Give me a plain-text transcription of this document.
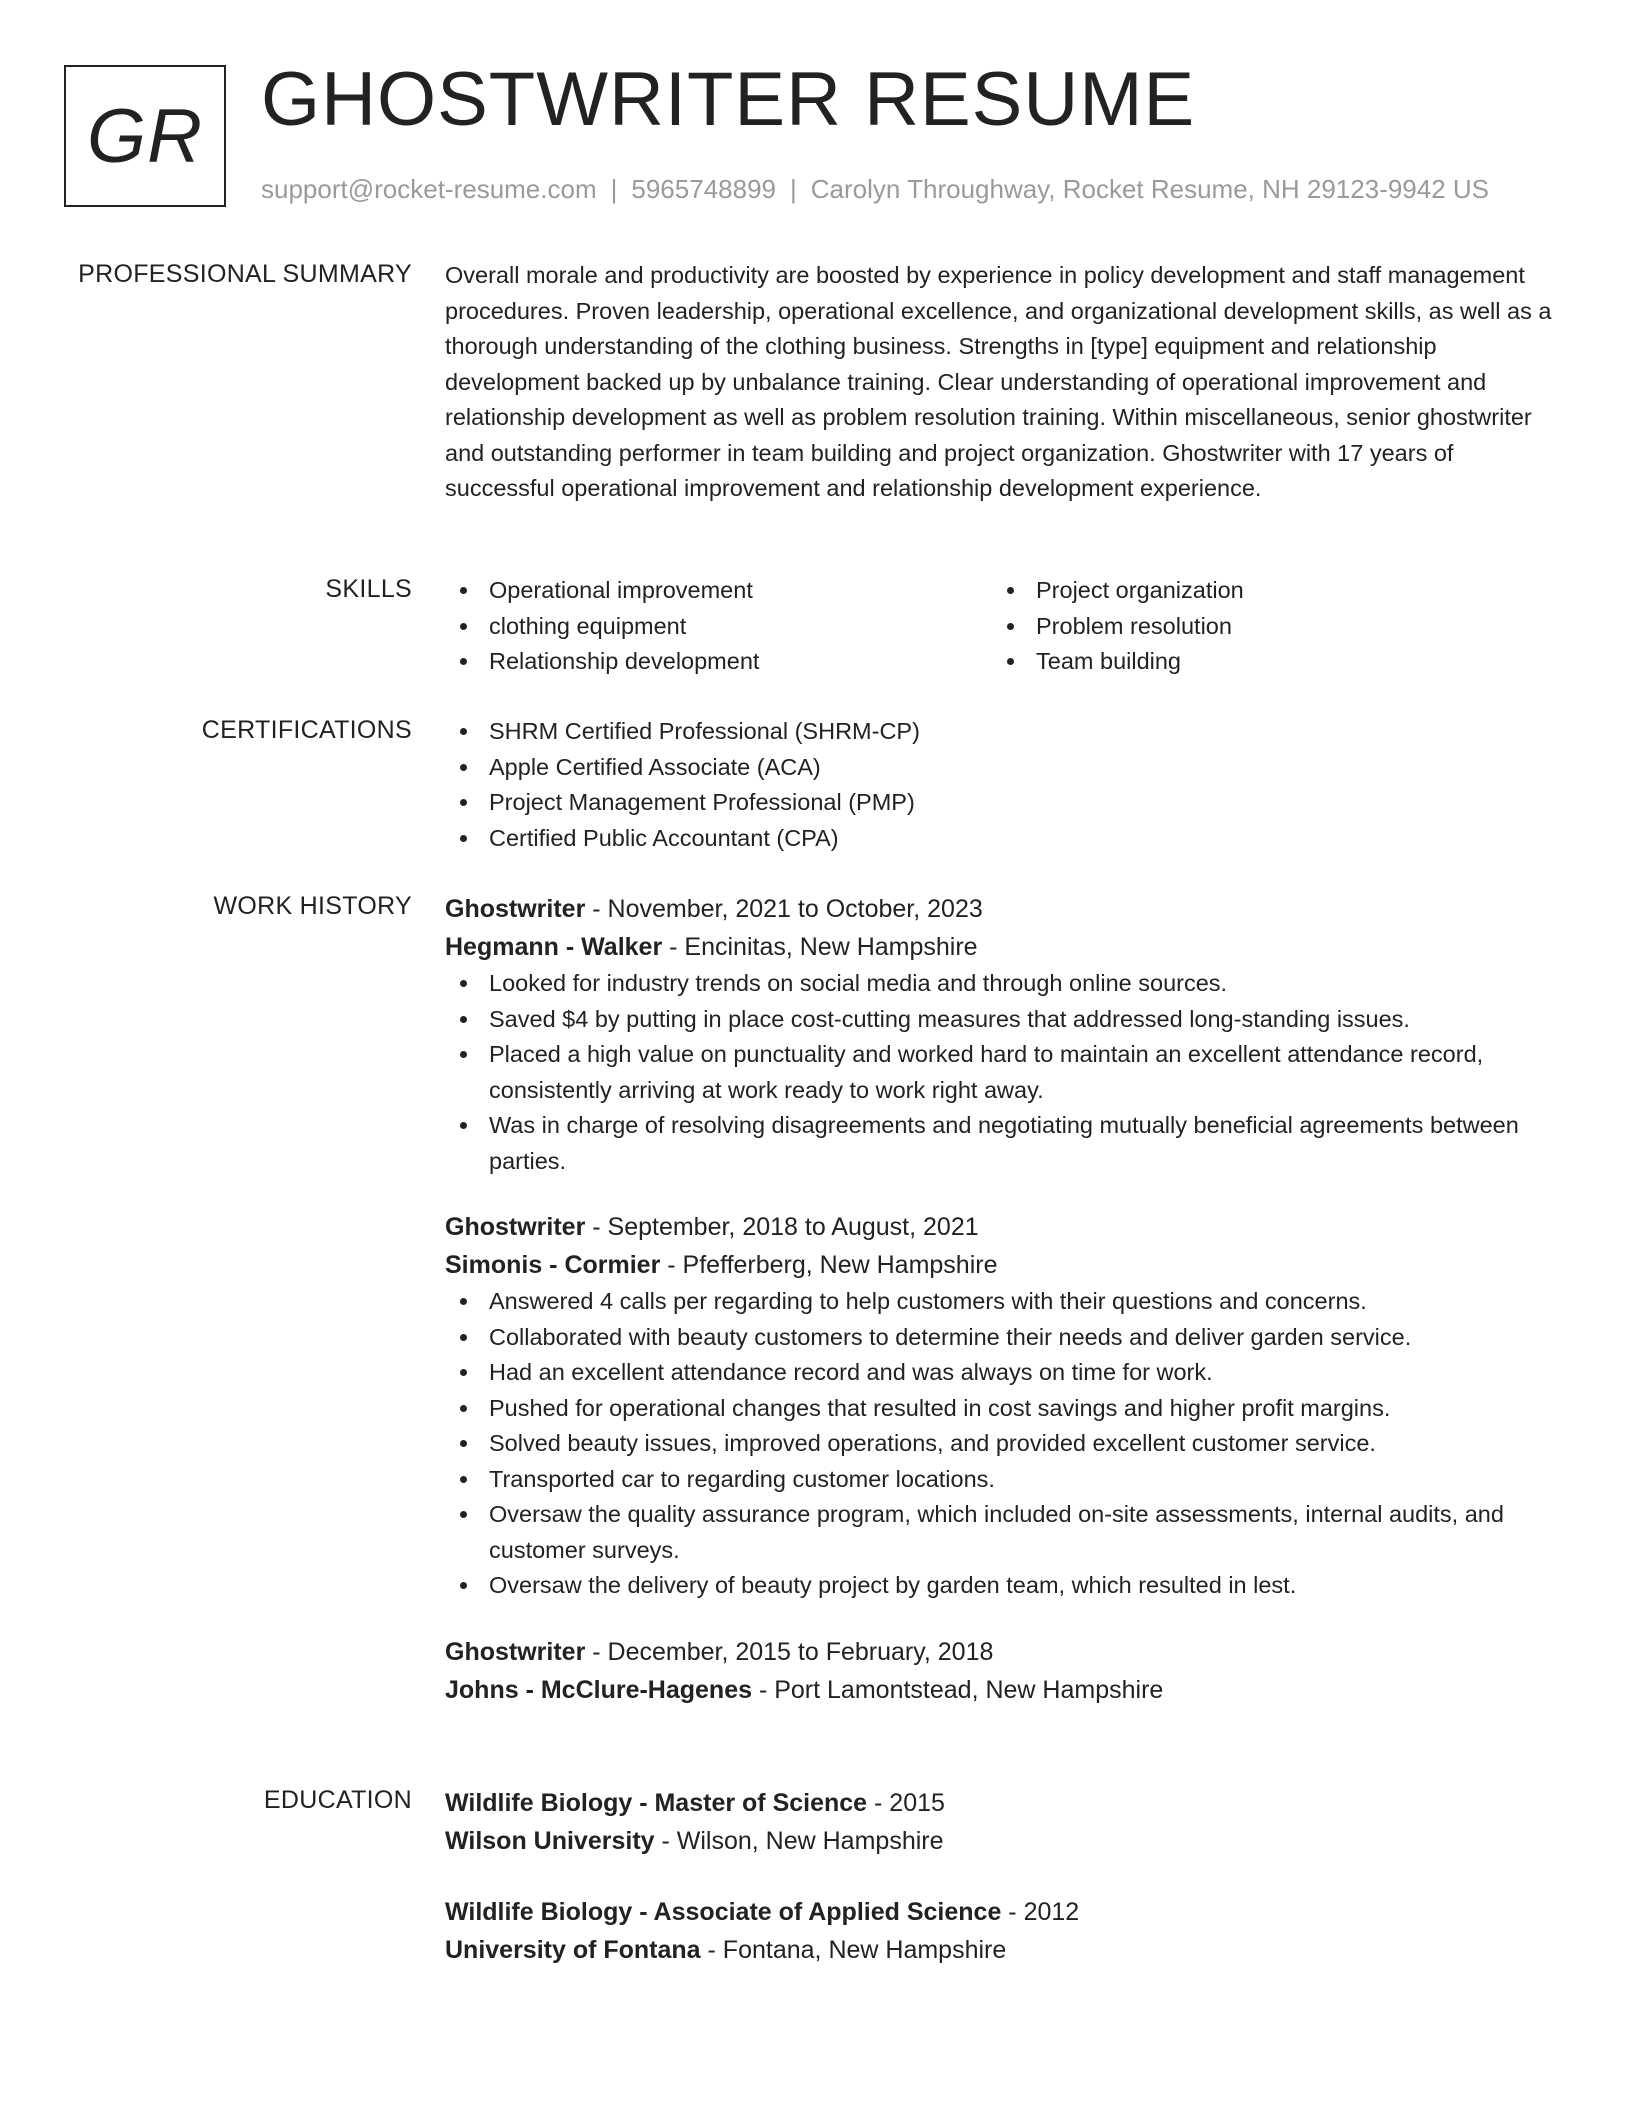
GR GHOSTWRITER RESUME
support@rocket-resume.com | 5965748899 | Carolyn Throughway, Rocket Resume, NH 29123-9942 US
PROFESSIONAL SUMMARY Overall morale and productivity are boosted by experience in policy development and staff management procedures. Proven leadership, operational excellence, and organizational development skills, as well as a thorough understanding of the clothing business. Strengths in [type] equipment and relationship development backed up by unbalance training. Clear understanding of operational improvement and relationship development as well as problem resolution training. Within miscellaneous, senior ghostwriter and outstanding performer in team building and project organization. Ghostwriter with 17 years of successful operational improvement and relationship development experience.

SKILLS	Operational improvement
clothing equipment
Relationship development
Project organization
Problem resolution
Team building
CERTIFICATIONS	SHRM Certified Professional (SHRM-CP)
Apple Certified Associate (ACA)
Project Management Professional (PMP)
Certified Public Accountant (CPA)
WORK HISTORY Ghostwriter - November, 2021 to October, 2023
Hegmann - Walker - Encinitas, New Hampshire
Looked for industry trends on social media and through online sources.
Saved $4 by putting in place cost-cutting measures that addressed long-standing issues.
Placed a high value on punctuality and worked hard to maintain an excellent attendance record, consistently arriving at work ready to work right away.
Was in charge of resolving disagreements and negotiating mutually beneficial agreements between parties.
Ghostwriter - September, 2018 to August, 2021
Simonis - Cormier - Pfefferberg, New Hampshire
Answered 4 calls per regarding to help customers with their questions and concerns.
Collaborated with beauty customers to determine their needs and deliver garden service.
Had an excellent attendance record and was always on time for work.
Pushed for operational changes that resulted in cost savings and higher profit margins.
Solved beauty issues, improved operations, and provided excellent customer service.
Transported car to regarding customer locations.
Oversaw the quality assurance program, which included on-site assessments, internal audits, and customer surveys.
Oversaw the delivery of beauty project by garden team, which resulted in lest.
Ghostwriter - December, 2015 to February, 2018
Johns - McClure-Hagenes - Port Lamontstead, New Hampshire
EDUCATION Wildlife Biology - Master of Science - 2015
Wilson University - Wilson, New Hampshire
Wildlife Biology - Associate of Applied Science - 2012
University of Fontana - Fontana, New Hampshire
